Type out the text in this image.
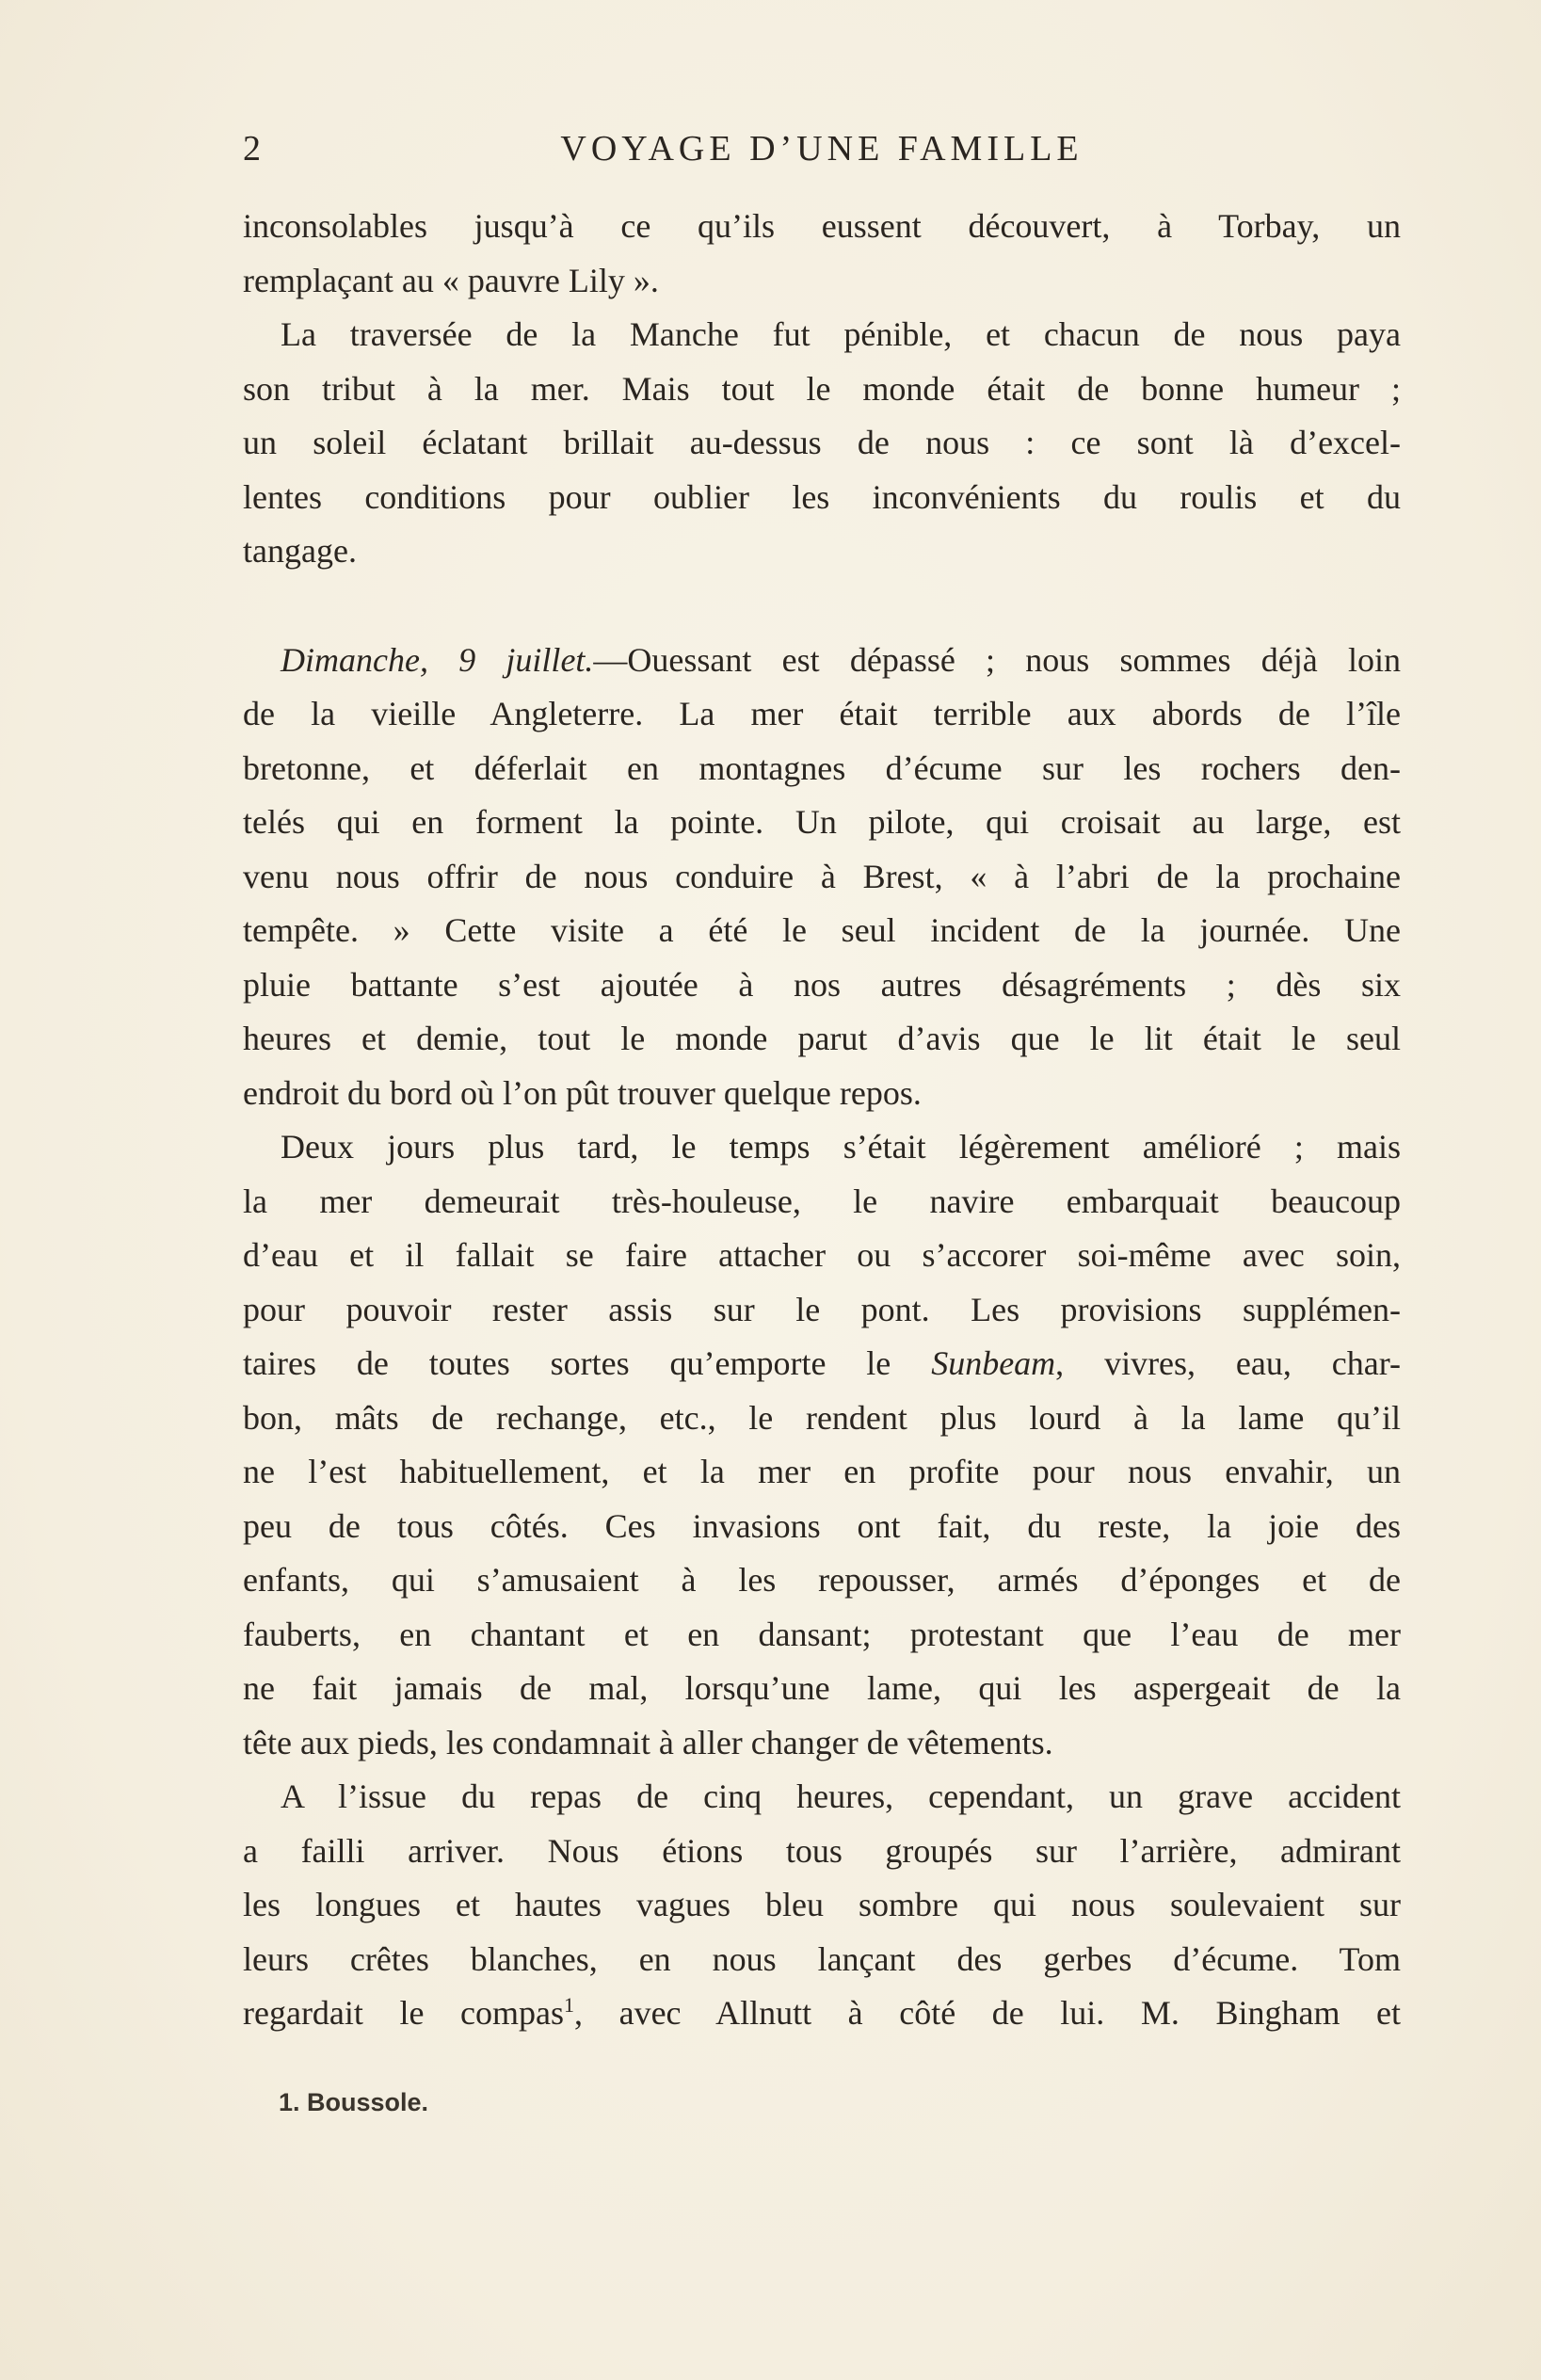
2	VOYAGE D’UNE FAMILLE
inconsolables jusqu’à ce qu’ils eussent découvert, à Torbay, un
remplaçant au « pauvre Lily ».
La traversée de la Manche fut pénible, et chacun de nous paya
son tribut à la mer. Mais tout le monde était de bonne humeur ;
un soleil éclatant brillait au-dessus de nous : ce sont là d’excel-
lentes conditions pour oublier les inconvénients du roulis et du
tangage.
Dimanche, 9 juillet.—Ouessant est dépassé ; nous sommes déjà loin
de la vieille Angleterre. La mer était terrible aux abords de l’île
bretonne, et déferlait en montagnes d’écume sur les rochers den-
telés qui en forment la pointe. Un pilote, qui croisait au large, est
venu nous offrir de nous conduire à Brest, « à l’abri de la prochaine
tempête. » Cette visite a été le seul incident de la journée. Une
pluie battante s’est ajoutée à nos autres désagréments ; dès six
heures et demie, tout le monde parut d’avis que le lit était le seul
endroit du bord où l’on pût trouver quelque repos.
Deux jours plus tard, le temps s’était légèrement amélioré ; mais
la mer demeurait très-houleuse, le navire embarquait beaucoup
d’eau et il fallait se faire attacher ou s’accorer soi-même avec soin,
pour pouvoir rester assis sur le pont. Les provisions supplémen-
taires de toutes sortes qu’emporte le Sunbeam, vivres, eau, char-
bon, mâts de rechange, etc., le rendent plus lourd à la lame qu’il
ne l’est habituellement, et la mer en profite pour nous envahir, un
peu de tous côtés. Ces invasions ont fait, du reste, la joie des
enfants, qui s’amusaient à les repousser, armés d’éponges et de
fauberts, en chantant et en dansant; protestant que l’eau de mer
ne fait jamais de mal, lorsqu’une lame, qui les aspergeait de la
tête aux pieds, les condamnait à aller changer de vêtements.
A l’issue du repas de cinq heures, cependant, un grave accident
a failli arriver. Nous étions tous groupés sur l’arrière, admirant
les longues et hautes vagues bleu sombre qui nous soulevaient sur
leurs crêtes blanches, en nous lançant des gerbes d’écume. Tom
regardait le compas$^1$, avec Allnutt à côté de lui. M. Bingham et
1. Boussole.
